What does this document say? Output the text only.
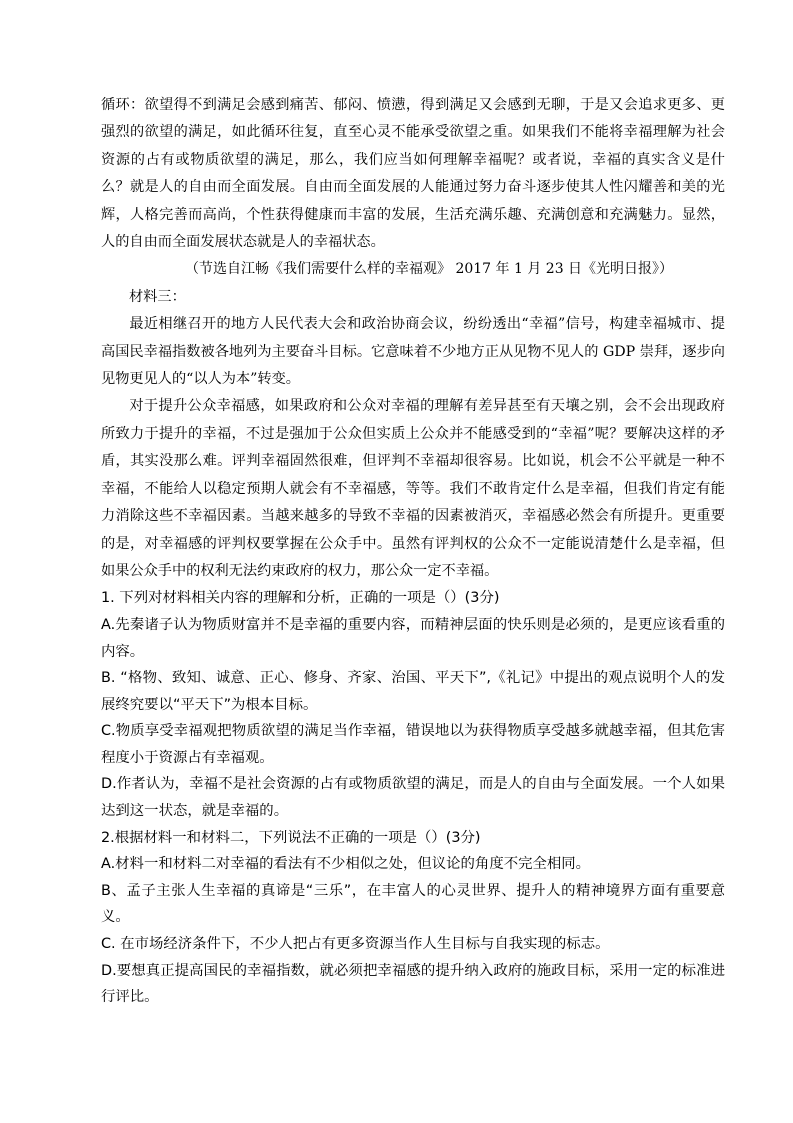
循环：欲望得不到满足会感到痛苦、郁闷、愤懑，得到满足又会感到无聊，于是又会追求更多、更强烈的欲望的满足，如此循环往复，直至心灵不能承受欲望之重。如果我们不能将幸福理解为社会资源的占有或物质欲望的满足，那么，我们应当如何理解幸福呢？或者说，幸福的真实含义是什么？就是人的自由而全面发展。自由而全面发展的人能通过努力奋斗逐步使其人性闪耀善和美的光辉，人格完善而高尚，个性获得健康而丰富的发展，生活充满乐趣、充满创意和充满魅力。显然，人的自由而全面发展状态就是人的幸福状态。

（节选自江畅《我们需要什么样的幸福观》 2017 年 1 月 23 日《光明日报》）

材料三：

最近相继召开的地方人民代表大会和政治协商会议，纷纷透出“幸福”信号，构建幸福城市、提高国民幸福指数被各地列为主要奋斗目标。它意味着不少地方正从见物不见人的 GDP 崇拜，逐步向见物更见人的“以人为本”转变。

对于提升公众幸福感，如果政府和公众对幸福的理解有差异甚至有天壤之别，会不会出现政府所致力于提升的幸福，不过是强加于公众但实质上公众并不能感受到的“幸福”呢？要解决这样的矛盾，其实没那么难。评判幸福固然很难，但评判不幸福却很容易。比如说，机会不公平就是一种不幸福，不能给人以稳定预期人就会有不幸福感，等等。我们不敢肯定什么是幸福，但我们肯定有能力消除这些不幸福因素。当越来越多的导致不幸福的因素被消灭，幸福感必然会有所提升。更重要的是，对幸福感的评判权要掌握在公众手中。虽然有评判权的公众不一定能说清楚什么是幸福，但如果公众手中的权利无法约束政府的权力，那公众一定不幸福。

1. 下列对材料相关内容的理解和分析，正确的一项是（）(3分)

A.先秦诸子认为物质财富并不是幸福的重要内容，而精神层面的快乐则是必须的，是更应该看重的内容。

B. “格物、致知、诚意、正心、修身、齐家、治国、平天下”,《礼记》中提出的观点说明个人的发展终究要以“平天下”为根本目标。

C.物质享受幸福观把物质欲望的满足当作幸福，错误地以为获得物质享受越多就越幸福，但其危害程度小于资源占有幸福观。

D.作者认为，幸福不是社会资源的占有或物质欲望的满足，而是人的自由与全面发展。一个人如果达到这一状态，就是幸福的。

2.根据材料一和材料二，下列说法不正确的一项是（）(3分)

A.材料一和材料二对幸福的看法有不少相似之处，但议论的角度不完全相同。

B、孟子主张人生幸福的真谛是“三乐”，在丰富人的心灵世界、提升人的精神境界方面有重要意义。

C. 在市场经济条件下，不少人把占有更多资源当作人生目标与自我实现的标志。

D.要想真正提高国民的幸福指数，就必须把幸福感的提升纳入政府的施政目标，采用一定的标准进行评比。
